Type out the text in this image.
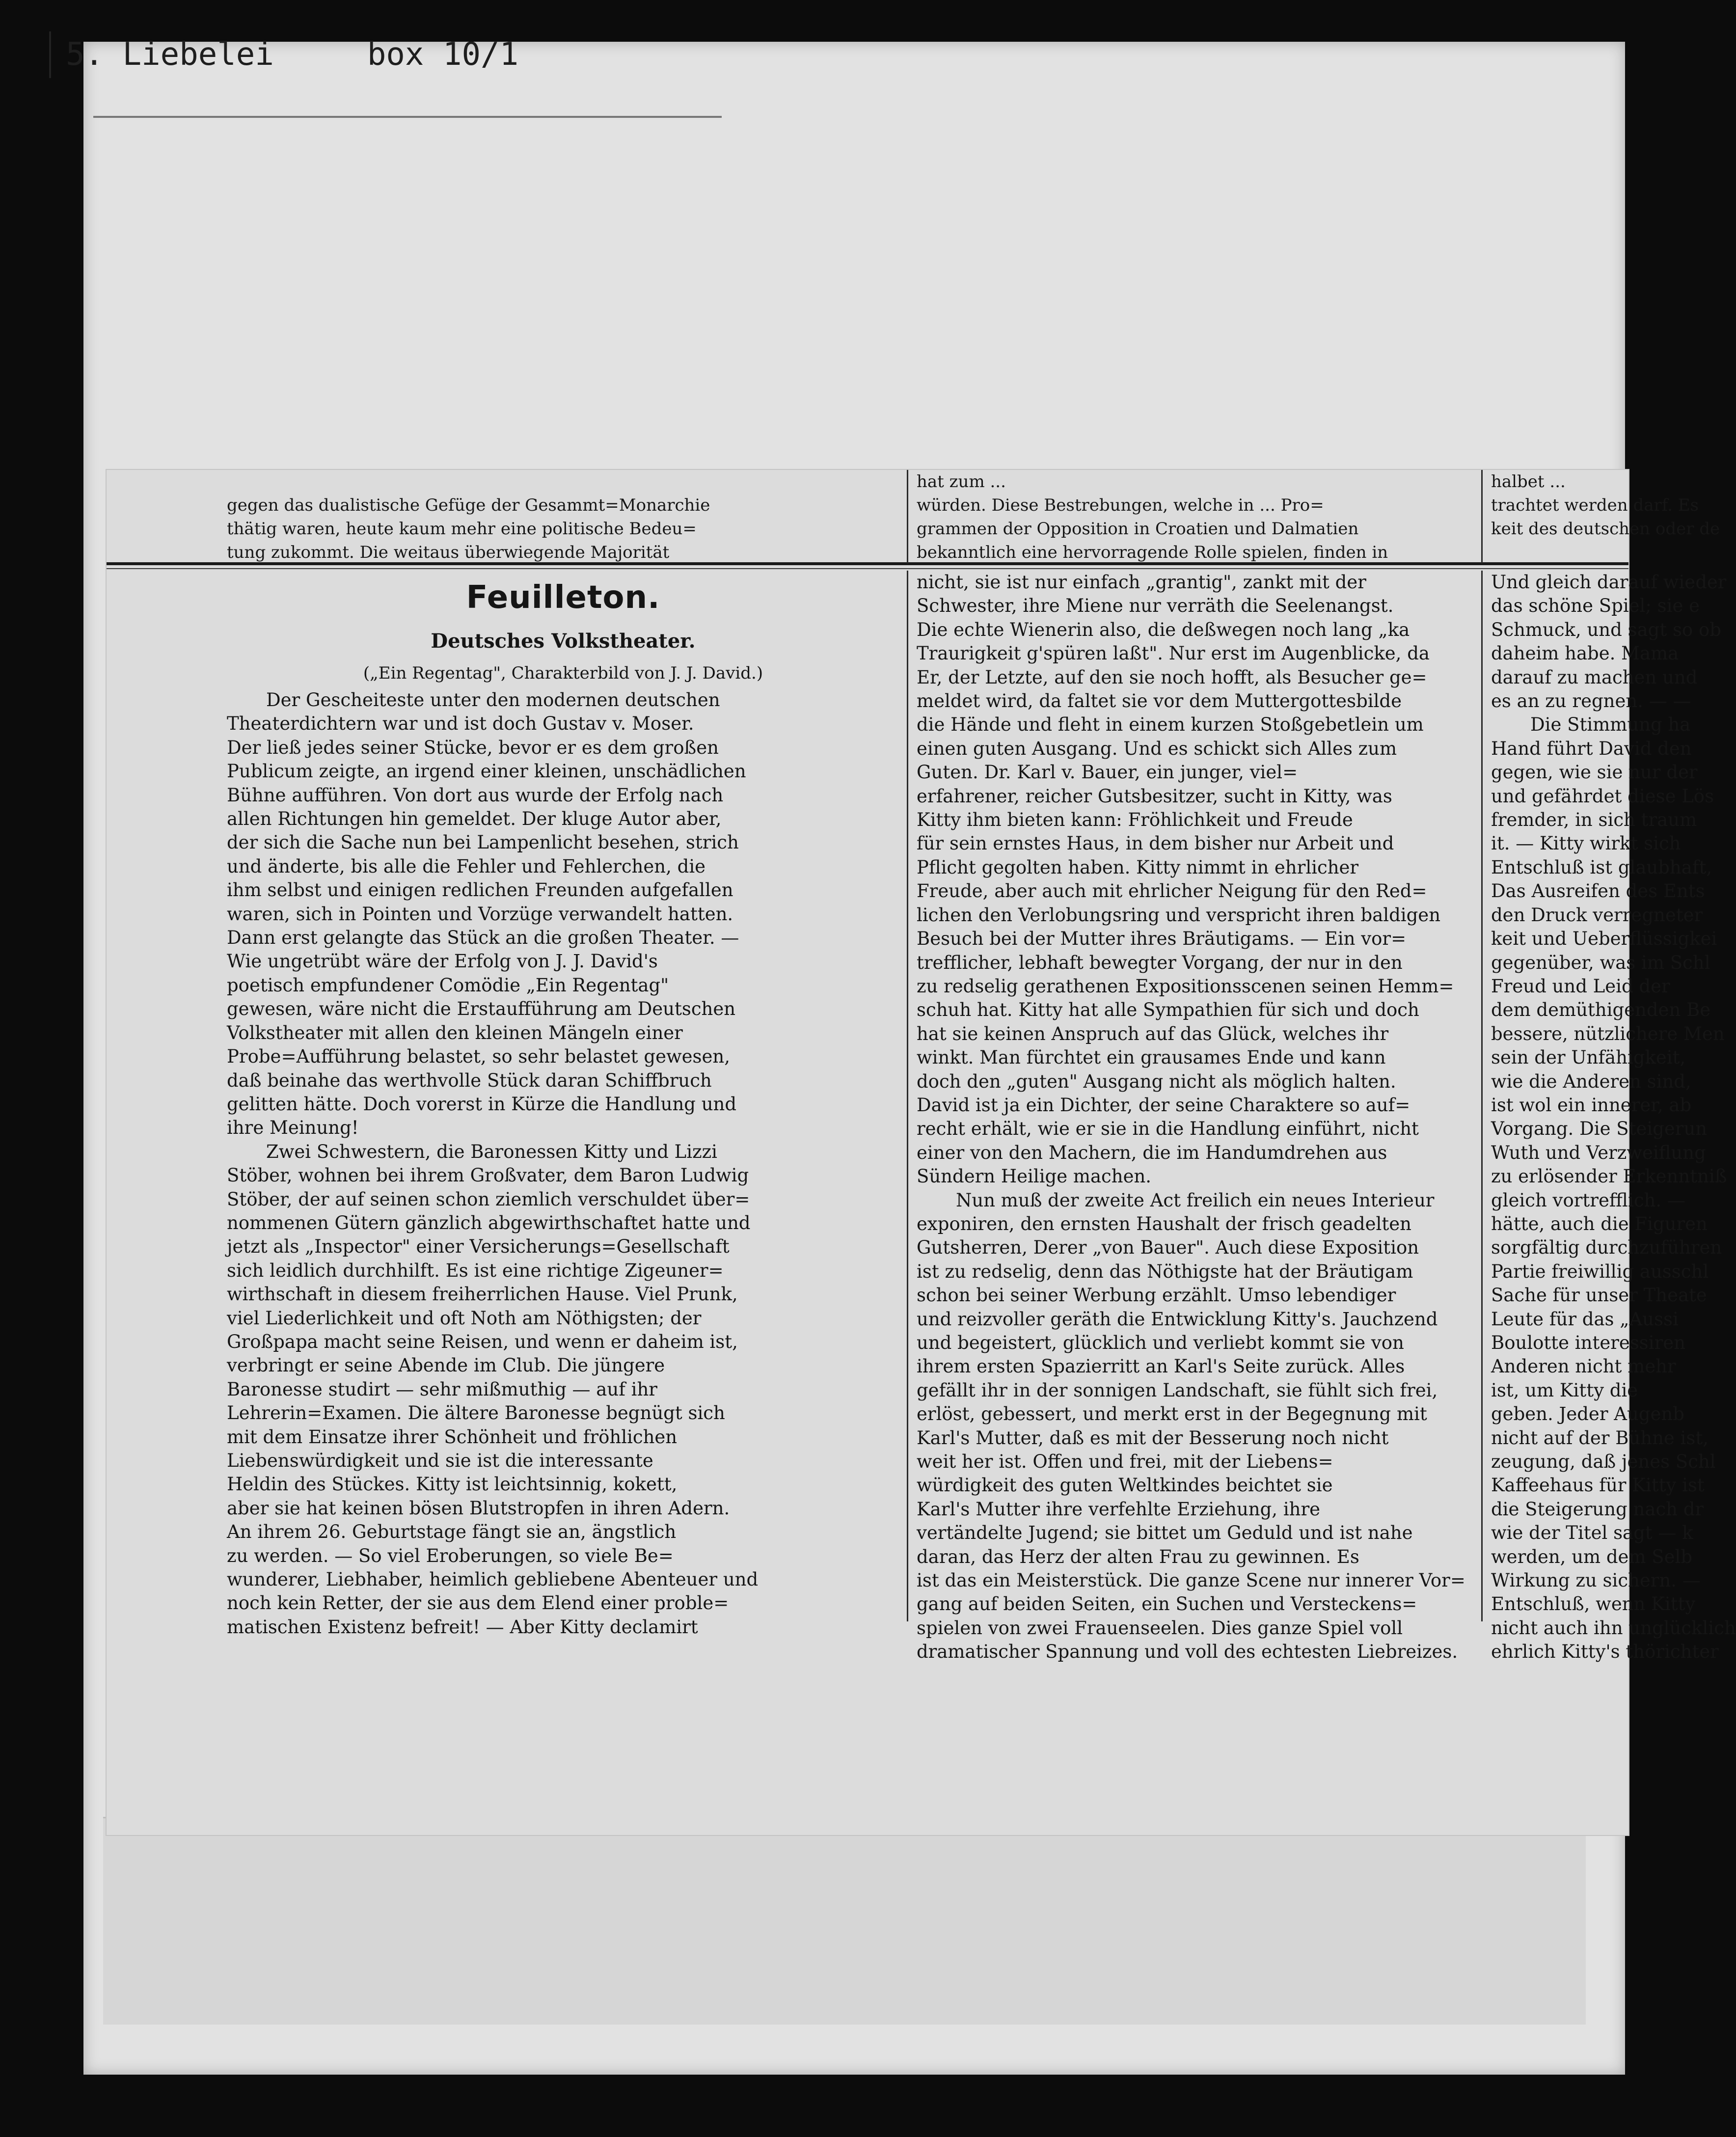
5.
Liebelei	box 10/1
gegen das dualistische Gefüge der Gesammt=Monarchie
thätig waren, heute kaum mehr eine politische Bedeu=
tung zukommt. Die weitaus überwiegende Majorität
hat zum ...
würden. Diese Bestrebungen, welche in ... Pro=
grammen der Opposition in Croatien und Dalmatien
bekanntlich eine hervorragende Rolle spielen, finden in
halbet ...
trachtet werden darf. Es
keit des deutschen oder de

Feuilleton.

Deutsches Volkstheater.

(„Ein Regentag", Charakterbild von J. J. David.)

Der Gescheiteste unter den modernen deutschen

Theaterdichtern war und ist doch Gustav v. Moser.

Der ließ jedes seiner Stücke, bevor er es dem großen

Publicum zeigte, an irgend einer kleinen, unschädlichen

Bühne aufführen. Von dort aus wurde der Erfolg nach

allen Richtungen hin gemeldet. Der kluge Autor aber,

der sich die Sache nun bei Lampenlicht besehen, strich

und änderte, bis alle die Fehler und Fehlerchen, die

ihm selbst und einigen redlichen Freunden aufgefallen

waren, sich in Pointen und Vorzüge verwandelt hatten.

Dann erst gelangte das Stück an die großen Theater. —

Wie ungetrübt wäre der Erfolg von J. J. David's

poetisch empfundener Comödie „Ein Regentag"

gewesen, wäre nicht die Erstaufführung am Deutschen

Volkstheater mit allen den kleinen Mängeln einer

Probe=Aufführung belastet, so sehr belastet gewesen,

daß beinahe das werthvolle Stück daran Schiffbruch

gelitten hätte. Doch vorerst in Kürze die Handlung und

ihre Meinung!

Zwei Schwestern, die Baronessen Kitty und Lizzi

Stöber, wohnen bei ihrem Großvater, dem Baron Ludwig

Stöber, der auf seinen schon ziemlich verschuldet über=

nommenen Gütern gänzlich abgewirthschaftet hatte und

jetzt als „Inspector" einer Versicherungs=Gesellschaft

sich leidlich durchhilft. Es ist eine richtige Zigeuner=

wirthschaft in diesem freiherrlichen Hause. Viel Prunk,

viel Liederlichkeit und oft Noth am Nöthigsten; der

Großpapa macht seine Reisen, und wenn er daheim ist,

verbringt er seine Abende im Club. Die jüngere

Baronesse studirt — sehr mißmuthig — auf ihr

Lehrerin=Examen. Die ältere Baronesse begnügt sich

mit dem Einsatze ihrer Schönheit und fröhlichen

Liebenswürdigkeit und sie ist die interessante

Heldin des Stückes. Kitty ist leichtsinnig, kokett,

aber sie hat keinen bösen Blutstropfen in ihren Adern.

An ihrem 26. Geburtstage fängt sie an, ängstlich

zu werden. — So viel Eroberungen, so viele Be=

wunderer, Liebhaber, heimlich gebliebene Abenteuer und

noch kein Retter, der sie aus dem Elend einer proble=

matischen Existenz befreit! — Aber Kitty declamirt

nicht, sie ist nur einfach „grantig", zankt mit der

Schwester, ihre Miene nur verräth die Seelenangst.

Die echte Wienerin also, die deßwegen noch lang „ka

Traurigkeit g'spüren laßt". Nur erst im Augenblicke, da

Er, der Letzte, auf den sie noch hofft, als Besucher ge=

meldet wird, da faltet sie vor dem Muttergottesbilde

die Hände und fleht in einem kurzen Stoßgebetlein um

einen guten Ausgang. Und es schickt sich Alles zum

Guten. Dr. Karl v. Bauer, ein junger, viel=

erfahrener, reicher Gutsbesitzer, sucht in Kitty, was

Kitty ihm bieten kann: Fröhlichkeit und Freude

für sein ernstes Haus, in dem bisher nur Arbeit und

Pflicht gegolten haben. Kitty nimmt in ehrlicher

Freude, aber auch mit ehrlicher Neigung für den Red=

lichen den Verlobungsring und verspricht ihren baldigen

Besuch bei der Mutter ihres Bräutigams. — Ein vor=

trefflicher, lebhaft bewegter Vorgang, der nur in den

zu redselig gerathenen Expositionsscenen seinen Hemm=

schuh hat. Kitty hat alle Sympathien für sich und doch

hat sie keinen Anspruch auf das Glück, welches ihr

winkt. Man fürchtet ein grausames Ende und kann

doch den „guten" Ausgang nicht als möglich halten.

David ist ja ein Dichter, der seine Charaktere so auf=

recht erhält, wie er sie in die Handlung einführt, nicht

einer von den Machern, die im Handumdrehen aus

Sündern Heilige machen.

Nun muß der zweite Act freilich ein neues Interieur

exponiren, den ernsten Haushalt der frisch geadelten

Gutsherren, Derer „von Bauer". Auch diese Exposition

ist zu redselig, denn das Nöthigste hat der Bräutigam

schon bei seiner Werbung erzählt. Umso lebendiger

und reizvoller geräth die Entwicklung Kitty's. Jauchzend

und begeistert, glücklich und verliebt kommt sie von

ihrem ersten Spazierritt an Karl's Seite zurück. Alles

gefällt ihr in der sonnigen Landschaft, sie fühlt sich frei,

erlöst, gebessert, und merkt erst in der Begegnung mit

Karl's Mutter, daß es mit der Besserung noch nicht

weit her ist. Offen und frei, mit der Liebens=

würdigkeit des guten Weltkindes beichtet sie

Karl's Mutter ihre verfehlte Erziehung, ihre

vertändelte Jugend; sie bittet um Geduld und ist nahe

daran, das Herz der alten Frau zu gewinnen. Es

ist das ein Meisterstück. Die ganze Scene nur innerer Vor=

gang auf beiden Seiten, ein Suchen und Versteckens=

spielen von zwei Frauenseelen. Dies ganze Spiel voll

dramatischer Spannung und voll des echtesten Liebreizes.

Und gleich darauf wieder

das schöne Spiel; sie e

Schmuck, und sagt so ob

daheim habe. Mama

darauf zu machen und

es an zu regnen. — —

Die Stimmung ha

Hand führt David den

gegen, wie sie nur der

und gefährdet diese Lös

fremder, in sich traum

it. — Kitty wirkt sich

Entschluß ist glaubhaft,

Das Ausreifen des Ents

den Druck verregneter

keit und Ueberflüssigkei

gegenüber, was im Schl

Freud und Leid der

dem demüthigenden Be

bessere, nützlichere Men

sein der Unfähigkeit,

wie die Anderen sind,

ist wol ein innerer, ab

Vorgang. Die Steigerun

Wuth und Verzweiflung

zu erlösender Erkenntniß

gleich vortrefflich. —

hätte, auch die Figuren

sorgfältig durchzuführen

Partie freiwillig ausschl

Sache für unser Theate

Leute für das „Aussi

Boulotte interessiren

Anderen nicht mehr

ist, um Kitty die

geben. Jeder Augenb

nicht auf der Bühne ist,

zeugung, daß jenes Schl

Kaffeehaus für Kitty ist

die Steigerung nach dr

wie der Titel sagt — k

werden, um dem Selb

Wirkung zu sichern. —

Entschluß, wenn Kitty

nicht auch ihn unglücklich

ehrlich Kitty's thörichter
